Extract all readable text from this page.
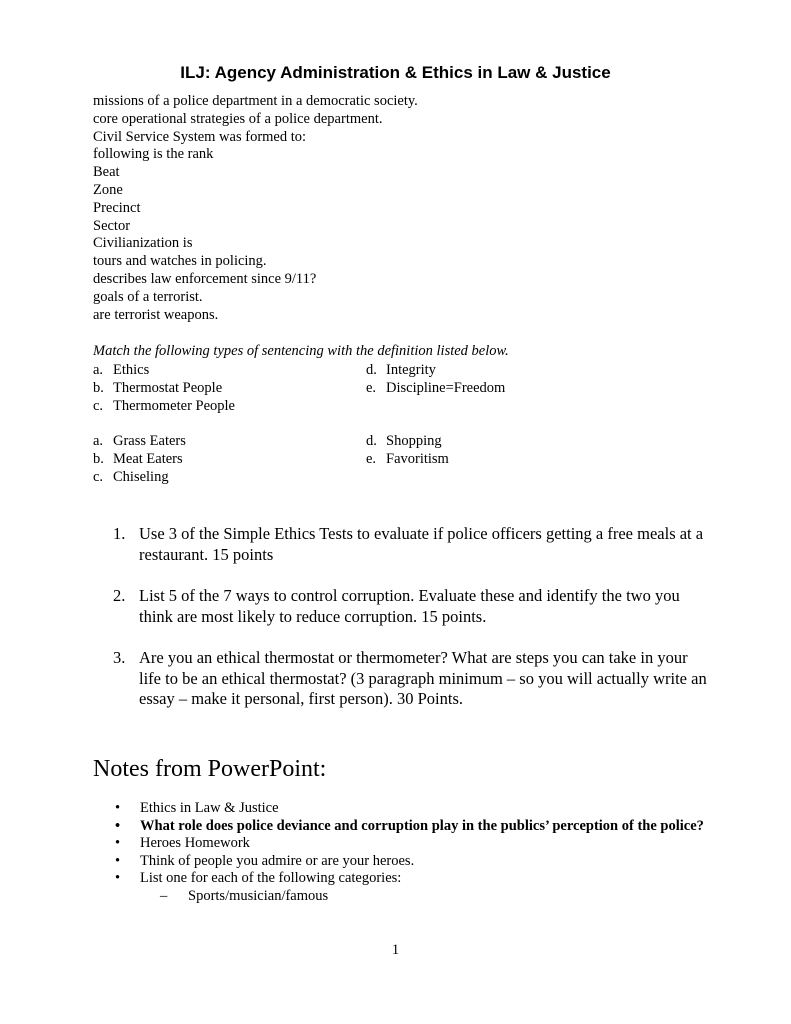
ILJ: Agency Administration & Ethics in Law & Justice
missions of a police department in a democratic society.
core operational strategies of a police department.
Civil Service System was formed to:
following is the rank
Beat
Zone
Precinct
Sector
Civilianization is
tours and watches in policing.
describes law enforcement since 9/11?
goals of a terrorist.
are terrorist weapons.
Match the following types of sentencing with the definition listed below.
a. Ethics
b. Thermostat People
c. Thermometer People
d. Integrity
e. Discipline=Freedom
a. Grass Eaters
b. Meat Eaters
c. Chiseling
d. Shopping
e. Favoritism
1. Use 3 of the Simple Ethics Tests to evaluate if police officers getting a free meals at a restaurant. 15 points
2. List 5 of the 7 ways to control corruption. Evaluate these and identify the two you think are most likely to reduce corruption. 15 points.
3. Are you an ethical thermostat or thermometer? What are steps you can take in your life to be an ethical thermostat? (3 paragraph minimum – so you will actually write an essay – make it personal, first person). 30 Points.
Notes from PowerPoint:
• Ethics in Law & Justice
• What role does police deviance and corruption play in the publics’ perception of the police?
• Heroes Homework
• Think of people you admire or are your heroes.
• List one for each of the following categories:
– Sports/musician/famous
1
